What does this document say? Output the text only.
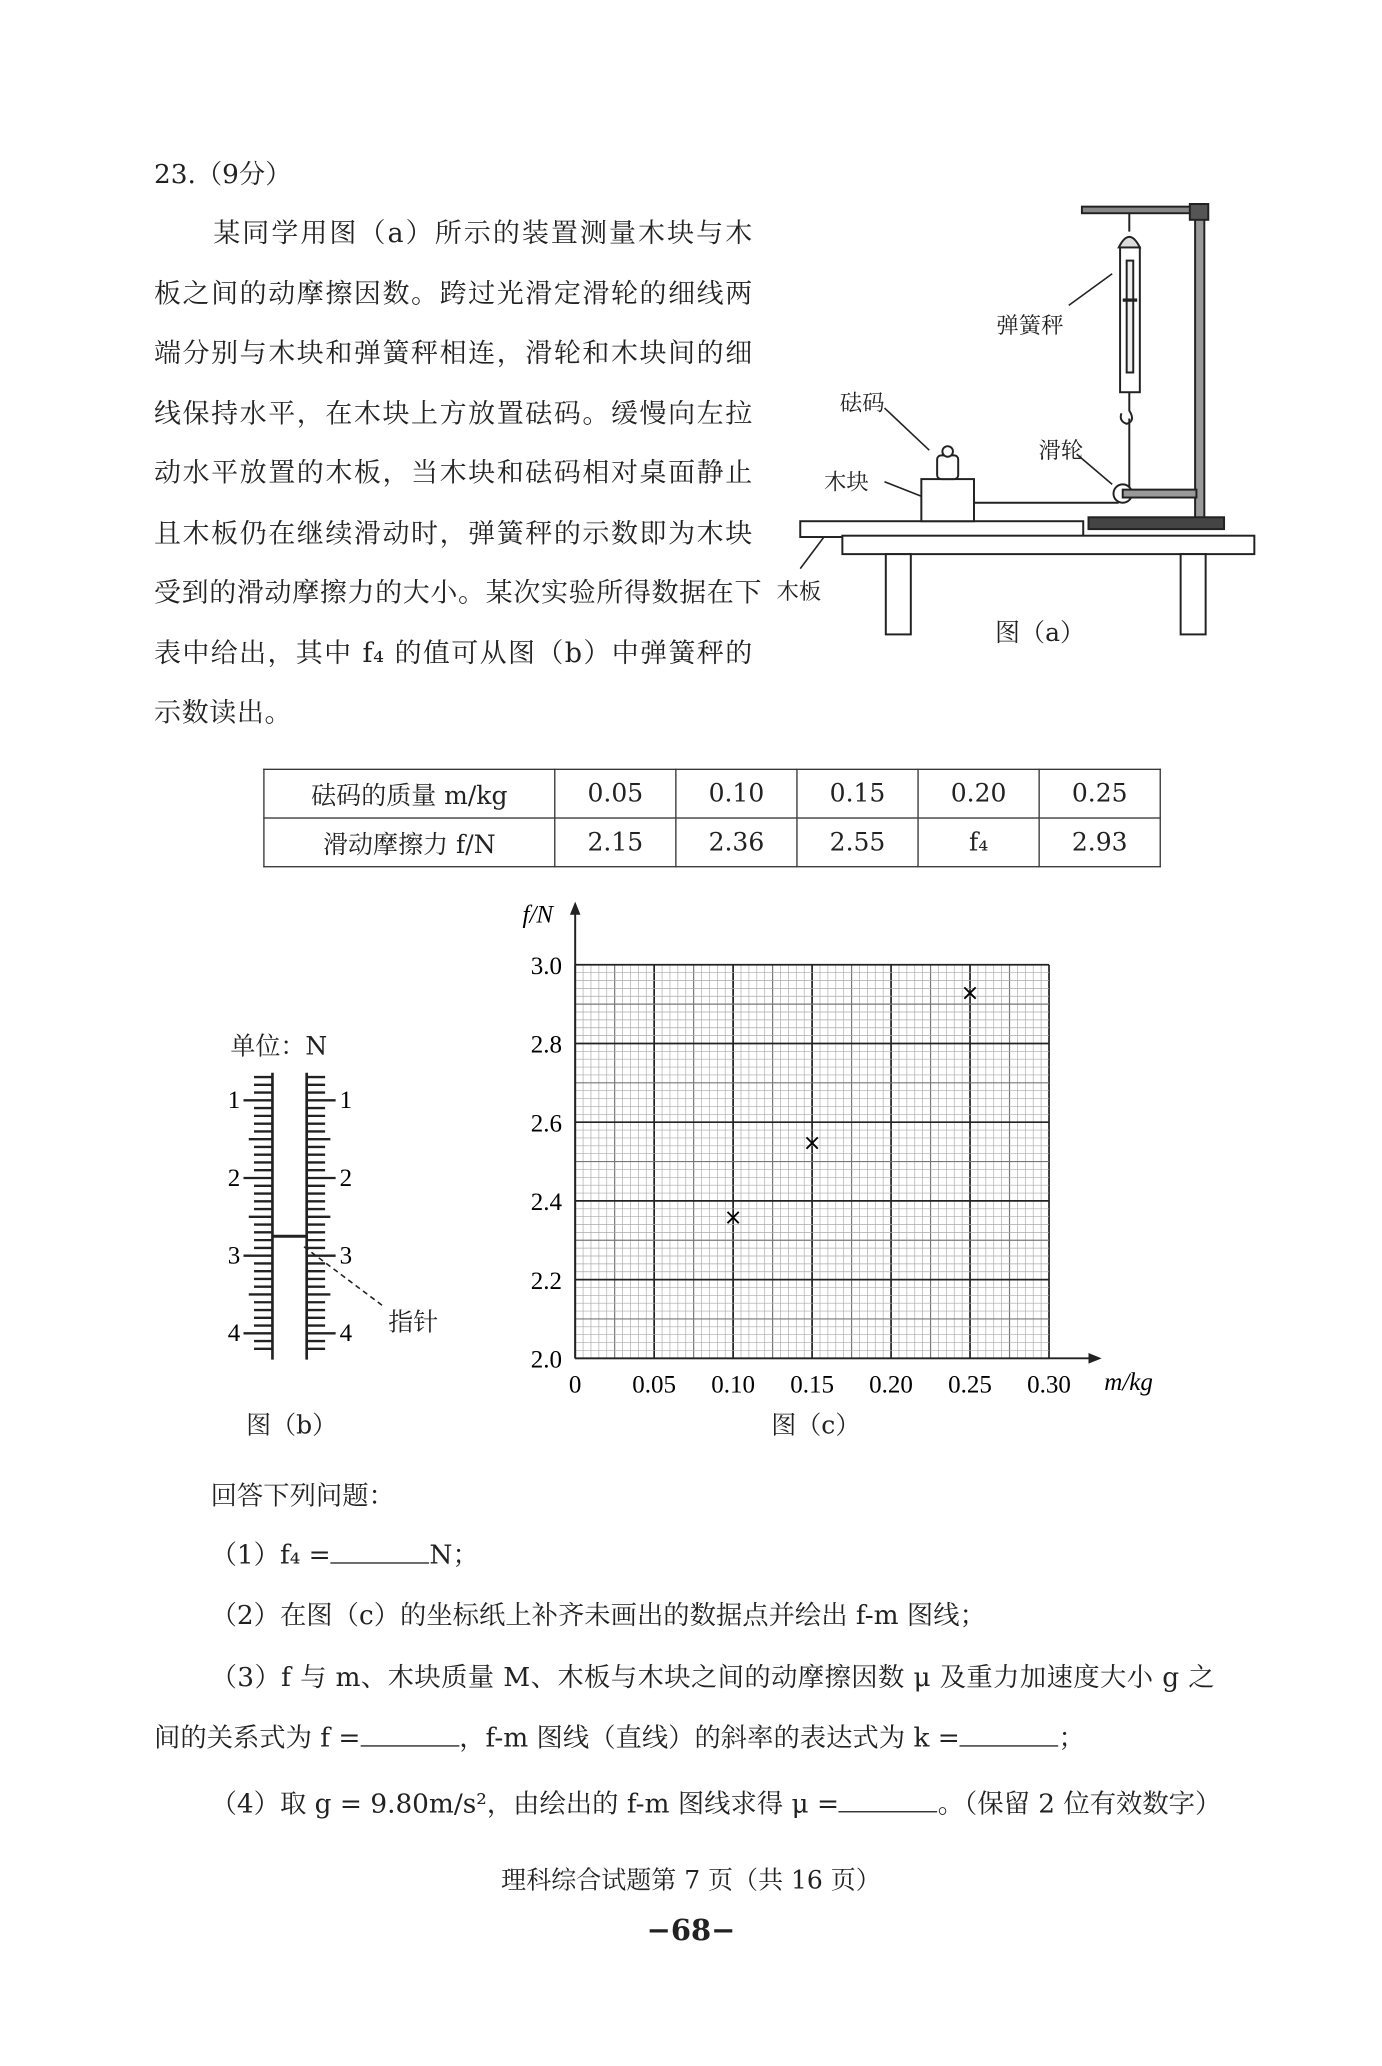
23.（9分）
某同学用图（a）所示的装置测量木块与木
板之间的动摩擦因数。跨过光滑定滑轮的细线两
端分别与木块和弹簧秤相连，滑轮和木块间的细
线保持水平，在木块上方放置砝码。缓慢向左拉
动水平放置的木板，当木块和砝码相对桌面静止
且木板仍在继续滑动时，弹簧秤的示数即为木块
受到的滑动摩擦力的大小。某次实验所得数据在下
表中给出，其中 f₄ 的值可从图（b）中弹簧秤的
示数读出。
弹簧秤
砝码
滑轮
木块
木板
图（a）
砝码的质量 m/kg	0.05	0.10	0.15	0.20	0.25
滑动摩擦力 f/N	2.15	2.36	2.55	f₄	2.93
单位：N
1	1
2	2
3	3
4	4 指针
图（b）
0	0.05 0.10 0.15 0.20 0.25 0.30
2.0
2.2
2.4
2.6
2.8
3.0
m/kg
f/N
×
×
×
图（c）
回答下列问题：
（1）f₄ =	N；
（2）在图（c）的坐标纸上补齐未画出的数据点并绘出 f-m 图线；
（3）f 与 m、木块质量 M、木板与木块之间的动摩擦因数 μ 及重力加速度大小 g 之
间的关系式为 f =	，f-m 图线（直线）的斜率的表达式为 k =	；
（4）取 g = 9.80m/s²，由绘出的 f-m 图线求得 μ =	。（保留 2 位有效数字）
理科综合试题第 7 页（共 16 页）
−68−
